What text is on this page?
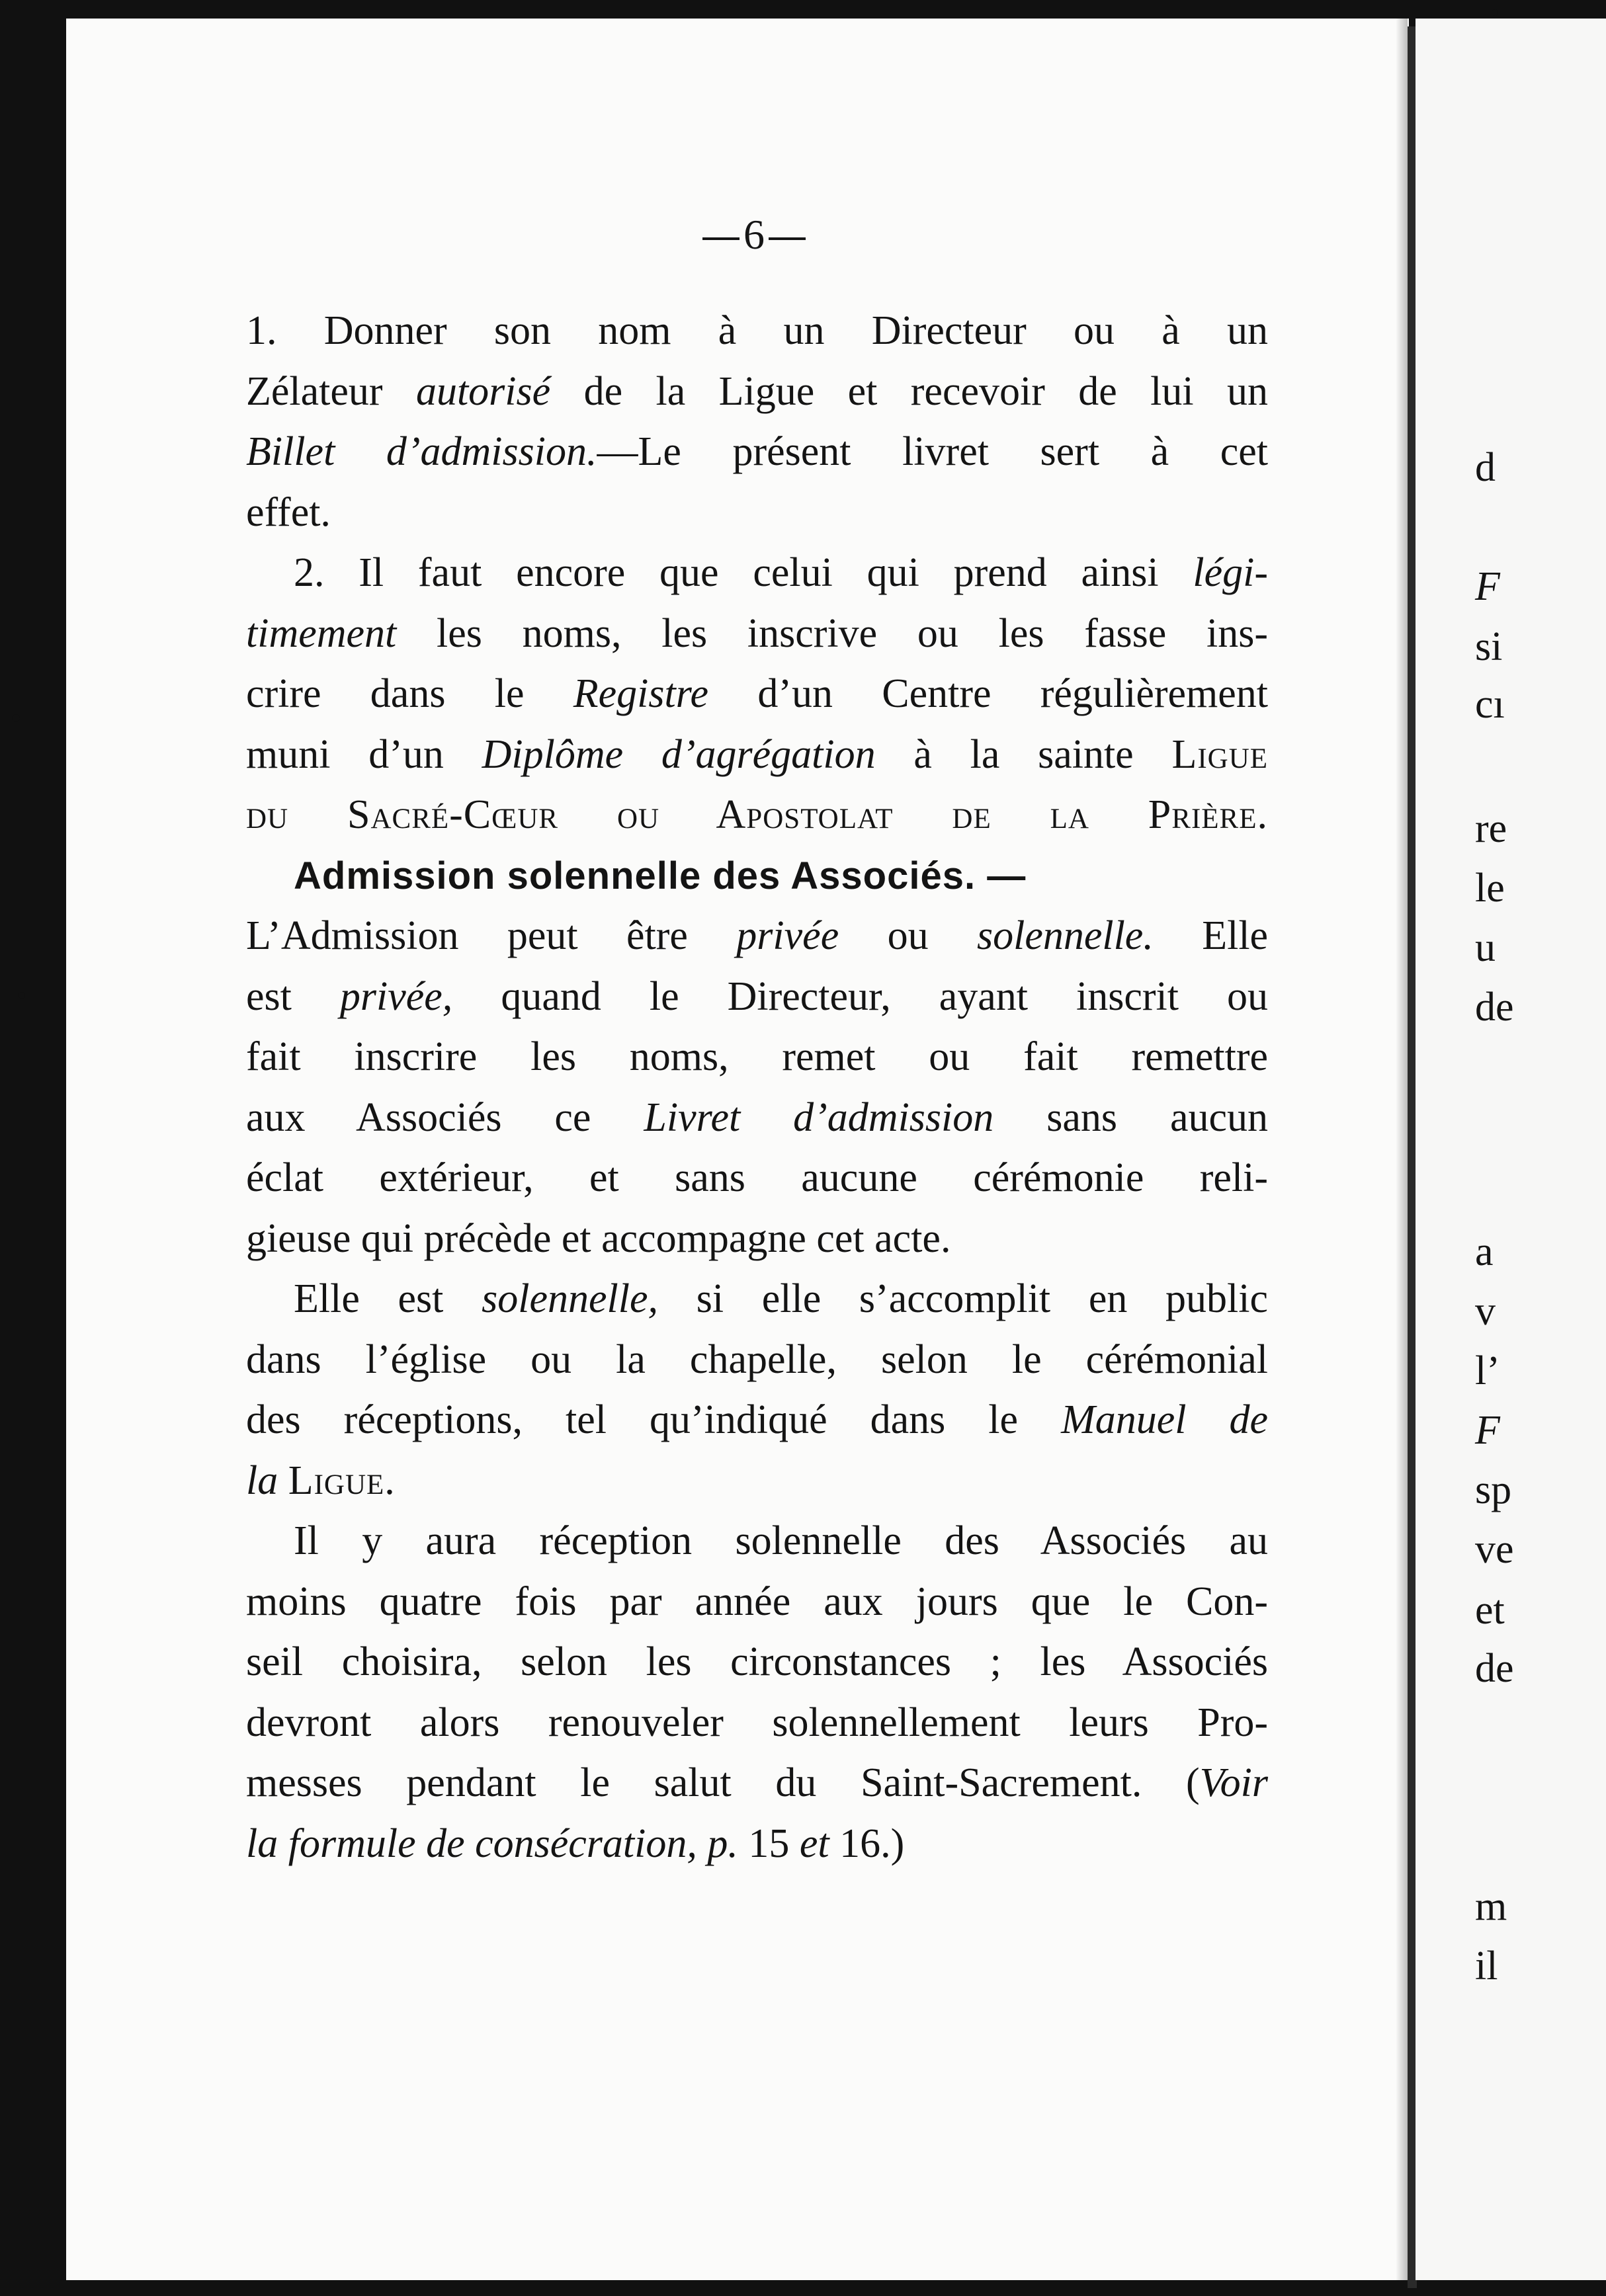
6
1. Donner son nom à un Directeur ou à un
Zélateur autorisé de la Ligue et recevoir de lui un
Billet d’admission.—Le présent livret sert à cet
effet.
2. Il faut encore que celui qui prend ainsi légi-
timement les noms, les inscrive ou les fasse ins-
crire dans le Registre d’un Centre régulièrement
muni d’un Diplôme d’agrégation à la sainte Ligue
du Sacré-Cœur ou Apostolat de la Prière.
Admission solennelle des Associés. —
L’Admission peut être privée ou solennelle. Elle
est privée, quand le Directeur, ayant inscrit ou
fait inscrire les noms, remet ou fait remettre
aux Associés ce Livret d’admission sans aucun
éclat extérieur, et sans aucune cérémonie reli-
gieuse qui précède et accompagne cet acte.
Elle est solennelle, si elle s’accomplit en public
dans l’église ou la chapelle, selon le cérémonial
des réceptions, tel qu’indiqué dans le Manuel de
la Ligue.
Il y aura réception solennelle des Associés au
moins quatre fois par année aux jours que le Con-
seil choisira, selon les circonstances ; les Associés
devront alors renouveler solennellement leurs Pro-
messes pendant le salut du Saint-Sacrement. (Voir
la formule de consécration, p. 15 et 16.)
d
F
si
cı
re
le
u
de
a
v
l’
F
sp
ve
et
de
m
il
